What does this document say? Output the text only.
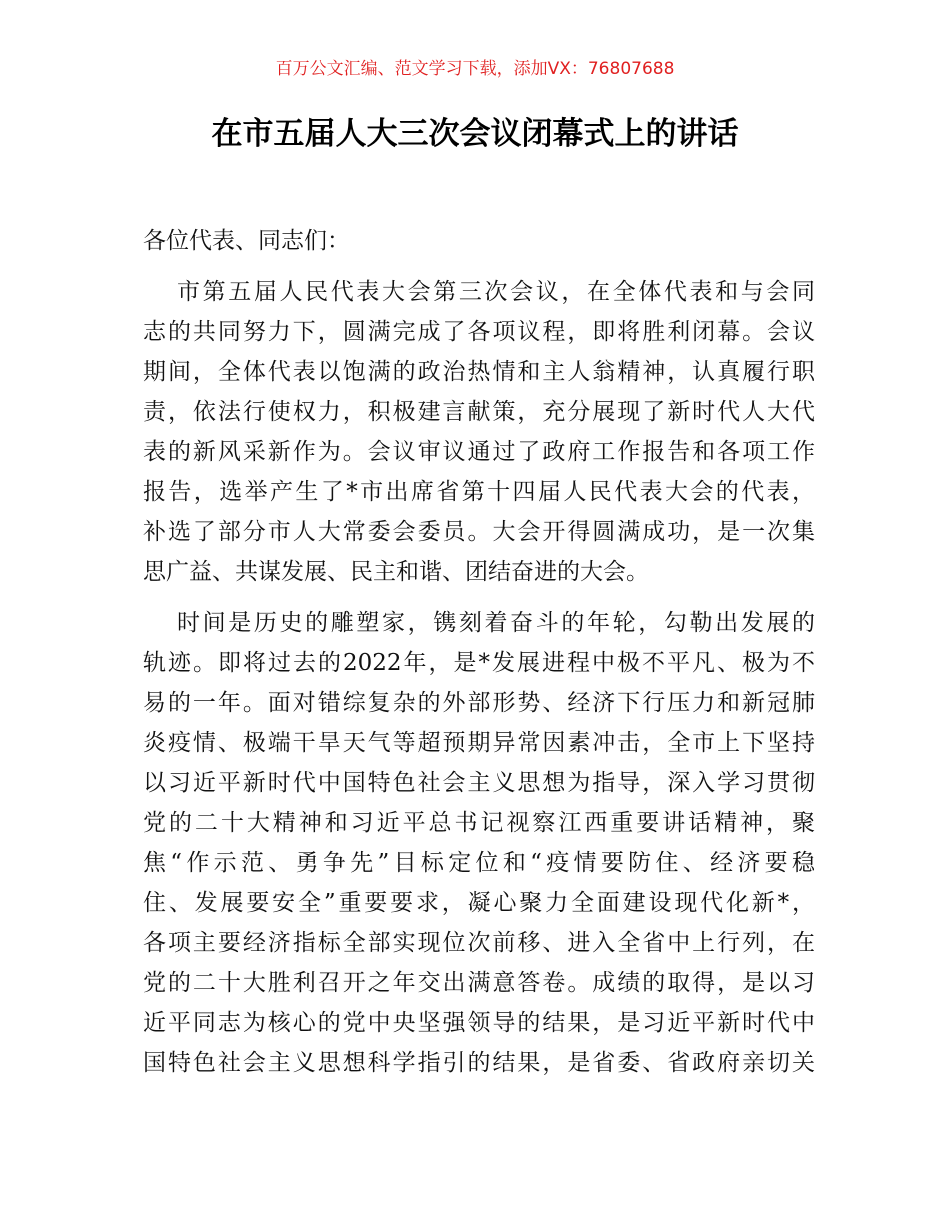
百万公文汇编、范文学习下载，添加VX：76807688
在市五届人大三次会议闭幕式上的讲话
各位代表、同志们：
市第五届人民代表大会第三次会议，在全体代表和与会同
志的共同努力下，圆满完成了各项议程，即将胜利闭幕。会议
期间，全体代表以饱满的政治热情和主人翁精神，认真履行职
责，依法行使权力，积极建言献策，充分展现了新时代人大代
表的新风采新作为。会议审议通过了政府工作报告和各项工作
报告，选举产生了*市出席省第十四届人民代表大会的代表，
补选了部分市人大常委会委员。大会开得圆满成功，是一次集
思广益、共谋发展、民主和谐、团结奋进的大会。
时间是历史的雕塑家，镌刻着奋斗的年轮，勾勒出发展的
轨迹。即将过去的2022年，是*发展进程中极不平凡、极为不
易的一年。面对错综复杂的外部形势、经济下行压力和新冠肺
炎疫情、极端干旱天气等超预期异常因素冲击，全市上下坚持
以习近平新时代中国特色社会主义思想为指导，深入学习贯彻
党的二十大精神和习近平总书记视察江西重要讲话精神，聚
焦“作示范、勇争先”目标定位和“疫情要防住、经济要稳
住、发展要安全”重要要求，凝心聚力全面建设现代化新*，
各项主要经济指标全部实现位次前移、进入全省中上行列，在
党的二十大胜利召开之年交出满意答卷。成绩的取得，是以习
近平同志为核心的党中央坚强领导的结果，是习近平新时代中
国特色社会主义思想科学指引的结果，是省委、省政府亲切关
